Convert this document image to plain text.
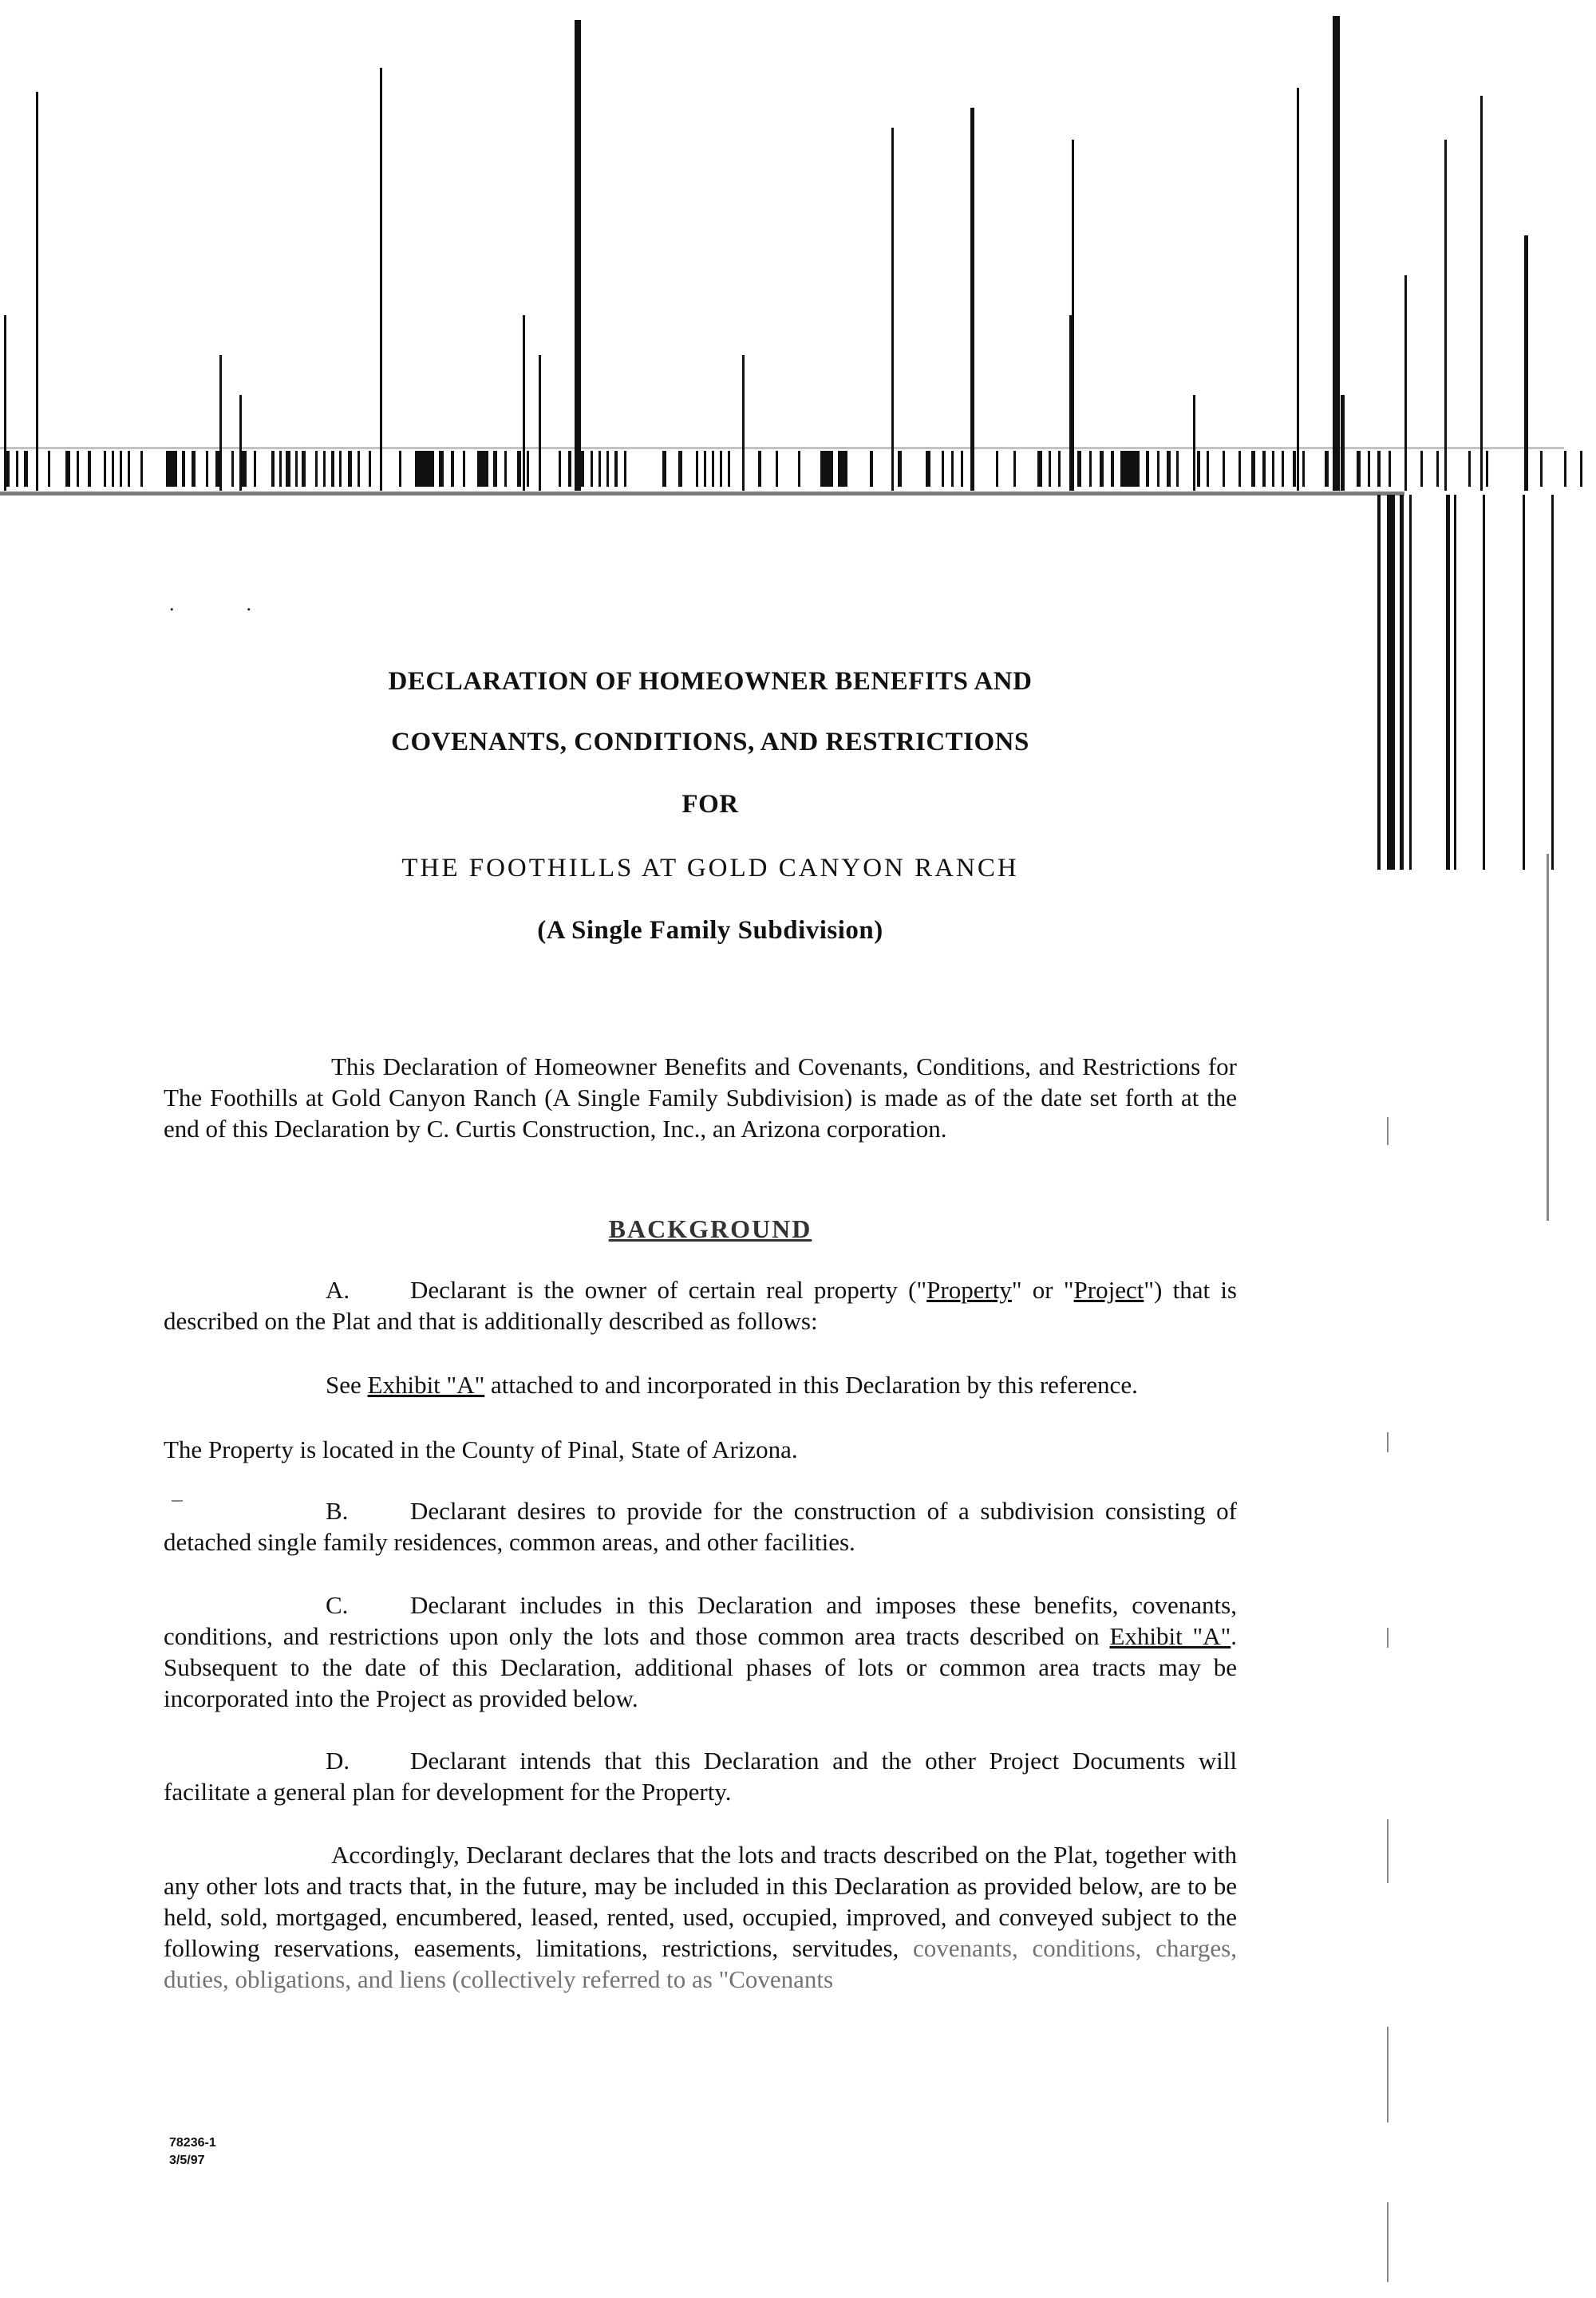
..
DECLARATION OF HOMEOWNER BENEFITS AND
COVENANTS, CONDITIONS, AND RESTRICTIONS
FOR
THE FOOTHILLS AT GOLD CANYON RANCH
(A Single Family Subdivision)
This Declaration of Homeowner Benefits and Covenants, Conditions, and Restrictions for The Foothills at Gold Canyon Ranch (A Single Family Subdivision) is made as of the date set forth at the end of this Declaration by C. Curtis Construction, Inc., an Arizona corporation.
BACKGROUND
A. Declarant is the owner of certain real property ("Property" or "Project") that is described on the Plat and that is additionally described as follows:
See Exhibit "A" attached to and incorporated in this Declaration by this reference.
The Property is located in the County of Pinal, State of Arizona.
B.	Declarant desires to provide for the construction of a subdivision consisting of detached single family residences, common areas, and other facilities.
C.	Declarant includes in this Declaration and imposes these benefits, covenants, conditions, and restrictions upon only the lots and those common area tracts described on Exhibit "A". Subsequent to the date of this Declaration, additional phases of lots or common area tracts may be incorporated into the Project as provided below.
D. Declarant intends that this Declaration and the other Project Documents will facilitate a general plan for development for the Property.
Accordingly, Declarant declares that the lots and tracts described on the Plat, together with any other lots and tracts that, in the future, may be included in this Declaration as provided below, are to be held, sold, mortgaged, encumbered, leased, rented, used, occupied, improved, and conveyed subject to the following reservations, easements, limitations, restrictions, servitudes, covenants, conditions, charges, duties, obligations, and liens (collectively referred to as "Covenants
78236-1
3/5/97
